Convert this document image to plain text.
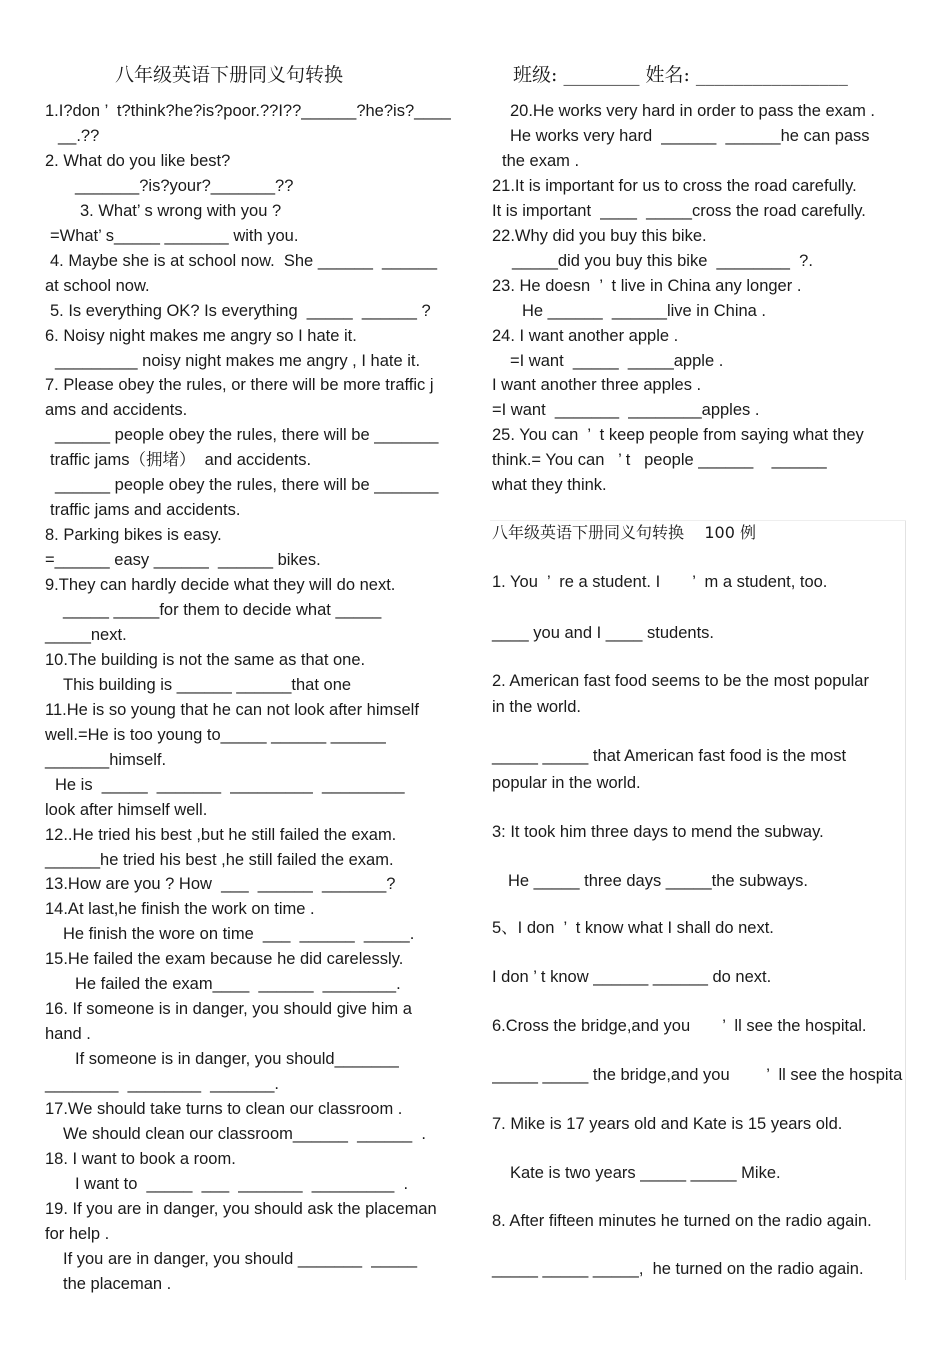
八年级英语下册同义句转换	班级: ________ 姓名: ________________
1.I?don ’  t?think?he?is?poor.??I??______?he?is?____
__.??
2. What do you like best?
_______?is?your?_______??
3. What’ s wrong with you ?
=What’ s_____ _______ with you.
4. Maybe she is at school now.  She ______  ______
at school now.
5. Is everything OK? Is everything  _____  ______ ?
6. Noisy night makes me angry so I hate it.
_________ noisy night makes me angry , I hate it.
7. Please obey the rules, or there will be more traffic j
ams and accidents.
______ people obey the rules, there will be _______
traffic jams（拥堵）  and accidents.
______ people obey the rules, there will be _______
traffic jams and accidents.
8. Parking bikes is easy.
=______ easy ______  ______ bikes.
9.They can hardly decide what they will do next.
_____ _____for them to decide what _____
_____next.
10.The building is not the same as that one.
This building is ______ ______that one
11.He is so young that he can not look after himself
well.=He is too young to_____ ______ ______
_______himself.
He is  _____  _______  _________  _________
look after himself well.
12..He tried his best ,but he still failed the exam.
______he tried his best ,he still failed the exam.
13.How are you ? How  ___  ______  _______?
14.At last,he finish the work on time .
He finish the wore on time  ___  ______  _____.
15.He failed the exam because he did carelessly.
He failed the exam____  ______  ________.
16. If someone is in danger, you should give him a
hand .
If someone is in danger, you should_______
________  ________  _______.
17.We should take turns to clean our classroom .
We should clean our classroom______  ______  .
18. I want to book a room.
I want to  _____  ___  _______  _________  .
19. If you are in danger, you should ask the placeman
for help .
If you are in danger, you should _______  _____
the placeman .
20.He works very hard in order to pass the exam .
He works very hard  ______  ______he can pass
the exam .
21.It is important for us to cross the road carefully.
It is important  ____  _____cross the road carefully.
22.Why did you buy this bike.
_____did you buy this bike  ________  ?.
23. He doesn  ’  t live in China any longer .
He ______  ______live in China .
24. I want another apple .
=I want  _____  _____apple .
I want another three apples .
=I want  _______  ________apples .
25. You can  ’  t keep people from saying what they
think.= You can   ’ t   people ______    ______
what they think.
八年级英语下册同义句转换    100 例
1. You  ’  re a student. I       ’  m a student, too.
____ you and I ____ students.
2. American fast food seems to be the most popular
in the world.
_____ _____ that American fast food is the most
popular in the world.
3: It took him three days to mend the subway.
He _____ three days _____the subways.
5、I don  ’  t know what I shall do next.
I don ’ t know ______ ______ do next.
6.Cross the bridge,and you       ’  ll see the hospital.
_____ _____ the bridge,and you        ’  ll see the hospita
7. Mike is 17 years old and Kate is 15 years old.
Kate is two years _____ _____ Mike.
8. After fifteen minutes he turned on the radio again.
_____ _____ _____,  he turned on the radio again.
